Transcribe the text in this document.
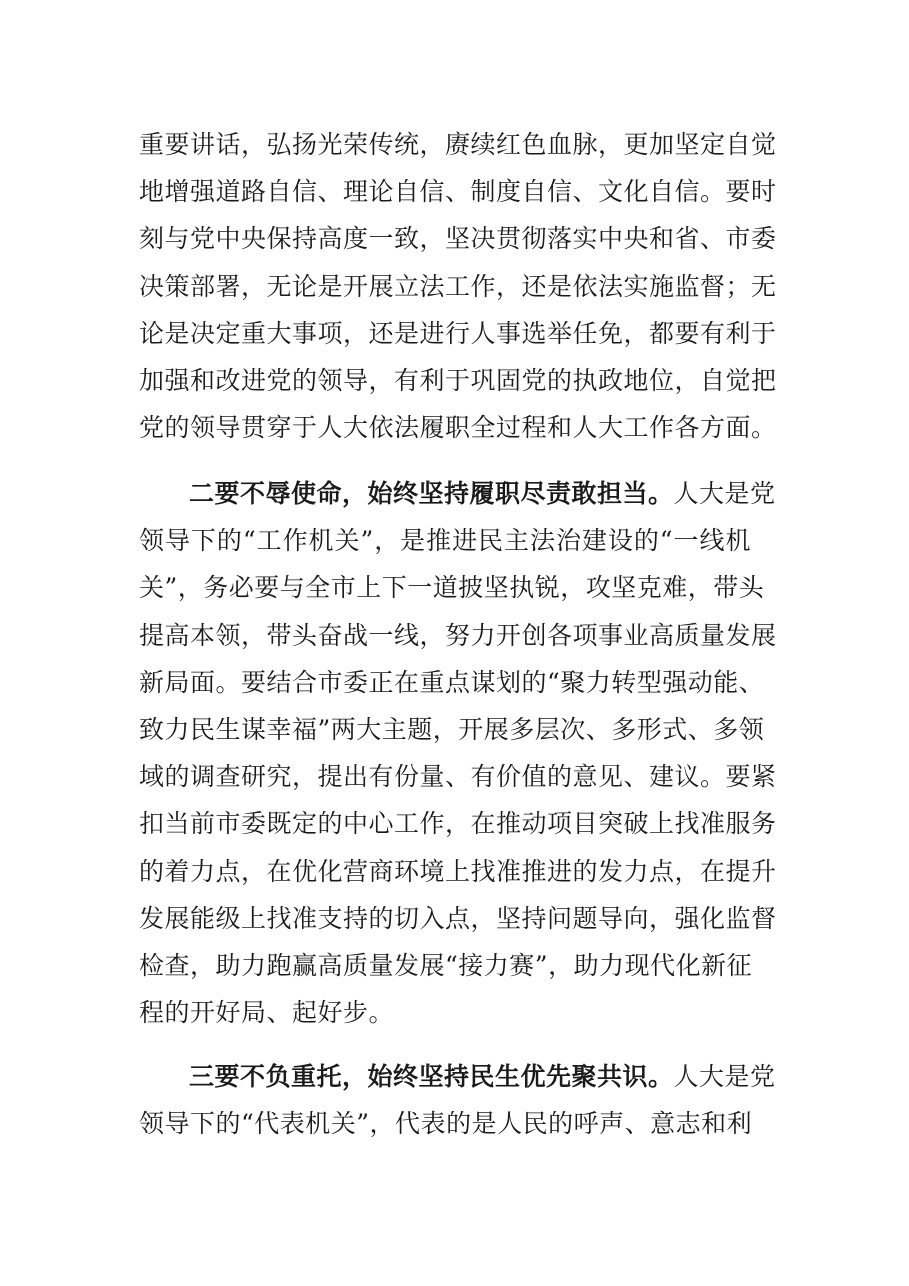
重要讲话，弘扬光荣传统，赓续红色血脉，更加坚定自觉
地增强道路自信、理论自信、制度自信、文化自信。要时
刻与党中央保持高度一致，坚决贯彻落实中央和省、市委
决策部署，无论是开展立法工作，还是依法实施监督；无
论是决定重大事项，还是进行人事选举任免，都要有利于
加强和改进党的领导，有利于巩固党的执政地位，自觉把
党的领导贯穿于人大依法履职全过程和人大工作各方面。
二要不辱使命，始终坚持履职尽责敢担当。人大是党
领导下的“工作机关”，是推进民主法治建设的“一线机
关”，务必要与全市上下一道披坚执锐，攻坚克难，带头
提高本领，带头奋战一线，努力开创各项事业高质量发展
新局面。要结合市委正在重点谋划的“聚力转型强动能、
致力民生谋幸福”两大主题，开展多层次、多形式、多领
域的调查研究，提出有份量、有价值的意见、建议。要紧
扣当前市委既定的中心工作，在推动项目突破上找准服务
的着力点，在优化营商环境上找准推进的发力点，在提升
发展能级上找准支持的切入点，坚持问题导向，强化监督
检查，助力跑赢高质量发展“接力赛”，助力现代化新征
程的开好局、起好步。
三要不负重托，始终坚持民生优先聚共识。人大是党
领导下的“代表机关”，代表的是人民的呼声、意志和利
